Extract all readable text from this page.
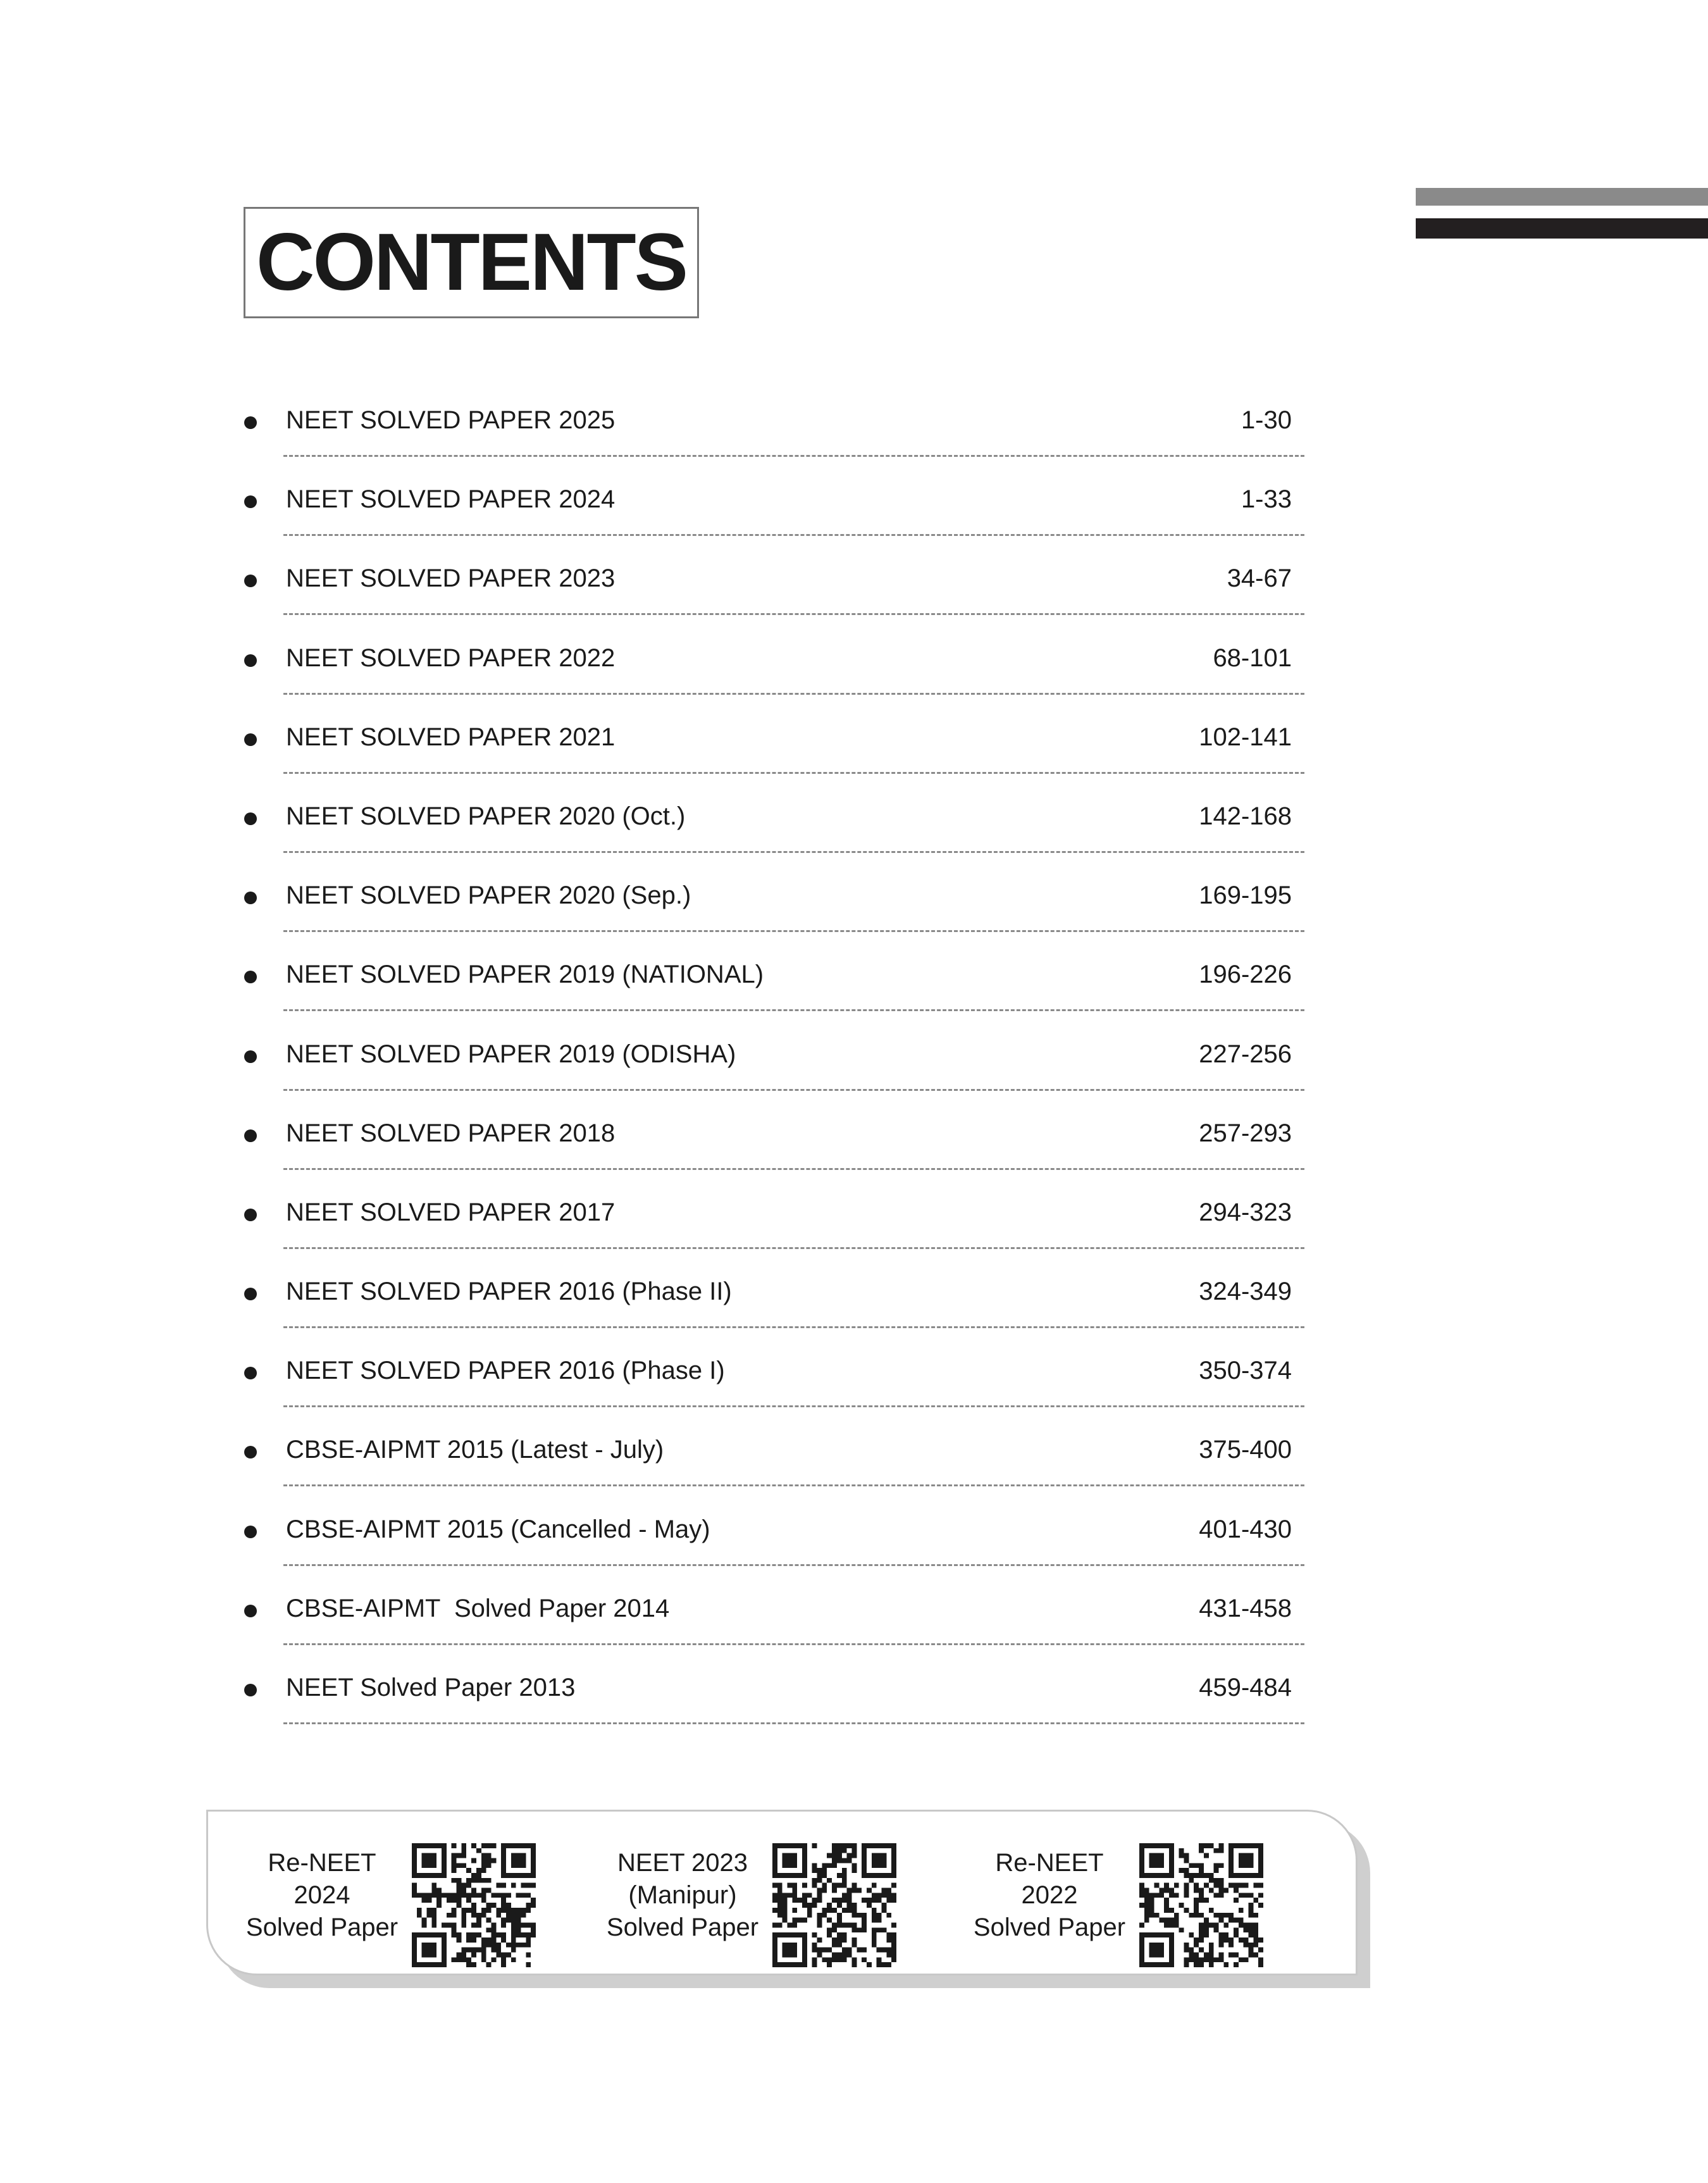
CONTENTS
NEET SOLVED PAPER 2025	1-30
NEET SOLVED PAPER 2024	1-33
NEET SOLVED PAPER 2023	34-67
NEET SOLVED PAPER 2022	68-101
NEET SOLVED PAPER 2021	102-141
NEET SOLVED PAPER 2020 (Oct.)	142-168
NEET SOLVED PAPER 2020 (Sep.)	169-195
NEET SOLVED PAPER 2019 (NATIONAL)	196-226
NEET SOLVED PAPER 2019 (ODISHA)	227-256
NEET SOLVED PAPER 2018	257-293
NEET SOLVED PAPER 2017	294-323
NEET SOLVED PAPER 2016 (Phase II)	324-349
NEET SOLVED PAPER 2016 (Phase I)	350-374
CBSE-AIPMT 2015 (Latest - July)	375-400
CBSE-AIPMT 2015 (Cancelled - May)	401-430
CBSE-AIPMT  Solved Paper 2014	431-458
NEET Solved Paper 2013	459-484
Re-NEET
2024
Solved Paper
NEET 2023
(Manipur)
Solved Paper
Re-NEET
2022
Solved Paper
